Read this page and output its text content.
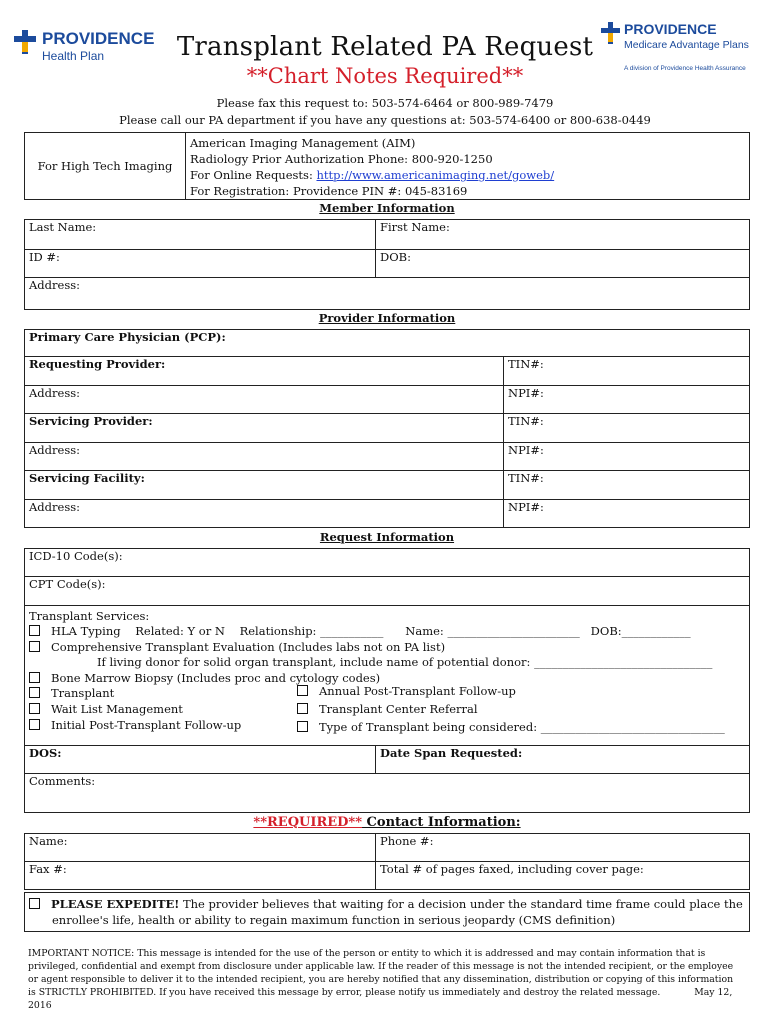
PROVIDENCE
Health Plan
PROVIDENCE
Medicare Advantage Plans
A division of Providence Health Assurance
Transplant Related PA Request
**Chart Notes Required**
Please fax this request to: 503-574-6464 or 800-989-7479
Please call our PA department if you have any questions at: 503-574-6400 or 800-638-0449
For High Tech Imaging	
American Imaging Management (AIM)
Radiology Prior Authorization Phone: 800-920-1250
For Online Requests: http://www.americanimaging.net/goweb/
For Registration: Providence PIN #: 045-83169
Member Information	
Last Name:	First Name:
ID #:	DOB:
Address:	
Provider Information	
Primary Care Physician (PCP):	
Requesting Provider:	TIN#:
Address:	NPI#:
Servicing Provider:	TIN#:
Address:	NPI#:
Servicing Facility:	TIN#:
Address:	NPI#:
Request Information
ICD-10 Code(s):
CPT Code(s):

Transplant Services:
HLA Typing Related: Y or N Relationship: ___________ Name: _______________________ DOB:____________
Comprehensive Transplant Evaluation (Includes labs not on PA list)
If living donor for solid organ transplant, include name of potential donor: _______________________________
Bone Marrow Biopsy (Includes proc and cytology codes)
Transplant	Annual Post-Transplant Follow-up
Wait List Management	Transplant Center Referral
Initial Post-Transplant Follow-up	Type of Transplant being considered: ________________________________

DOS:	Date Span Requested:
Comments:
**REQUIRED** Contact Information:	
Name:	Phone #:
Fax #:	Total # of pages faxed, including cover page:
PLEASE EXPEDITE! The provider believes that waiting for a decision under the standard time frame could place the
enrollee's life, health or ability to regain maximum function in serious jeopardy (CMS definition)
IMPORTANT NOTICE: This message is intended for the use of the person or entity to which it is addressed and may contain information that is privileged, confidential and exempt from disclosure under applicable law. If the reader of this message is not the intended recipient, or the employee or agent responsible to deliver it to the intended recipient, you are hereby notified that any dissemination, distribution or copying of this information is STRICTLY PROHIBITED. If you have received this message by error, please notify us immediately and destroy the related message.	May 12, 2016
